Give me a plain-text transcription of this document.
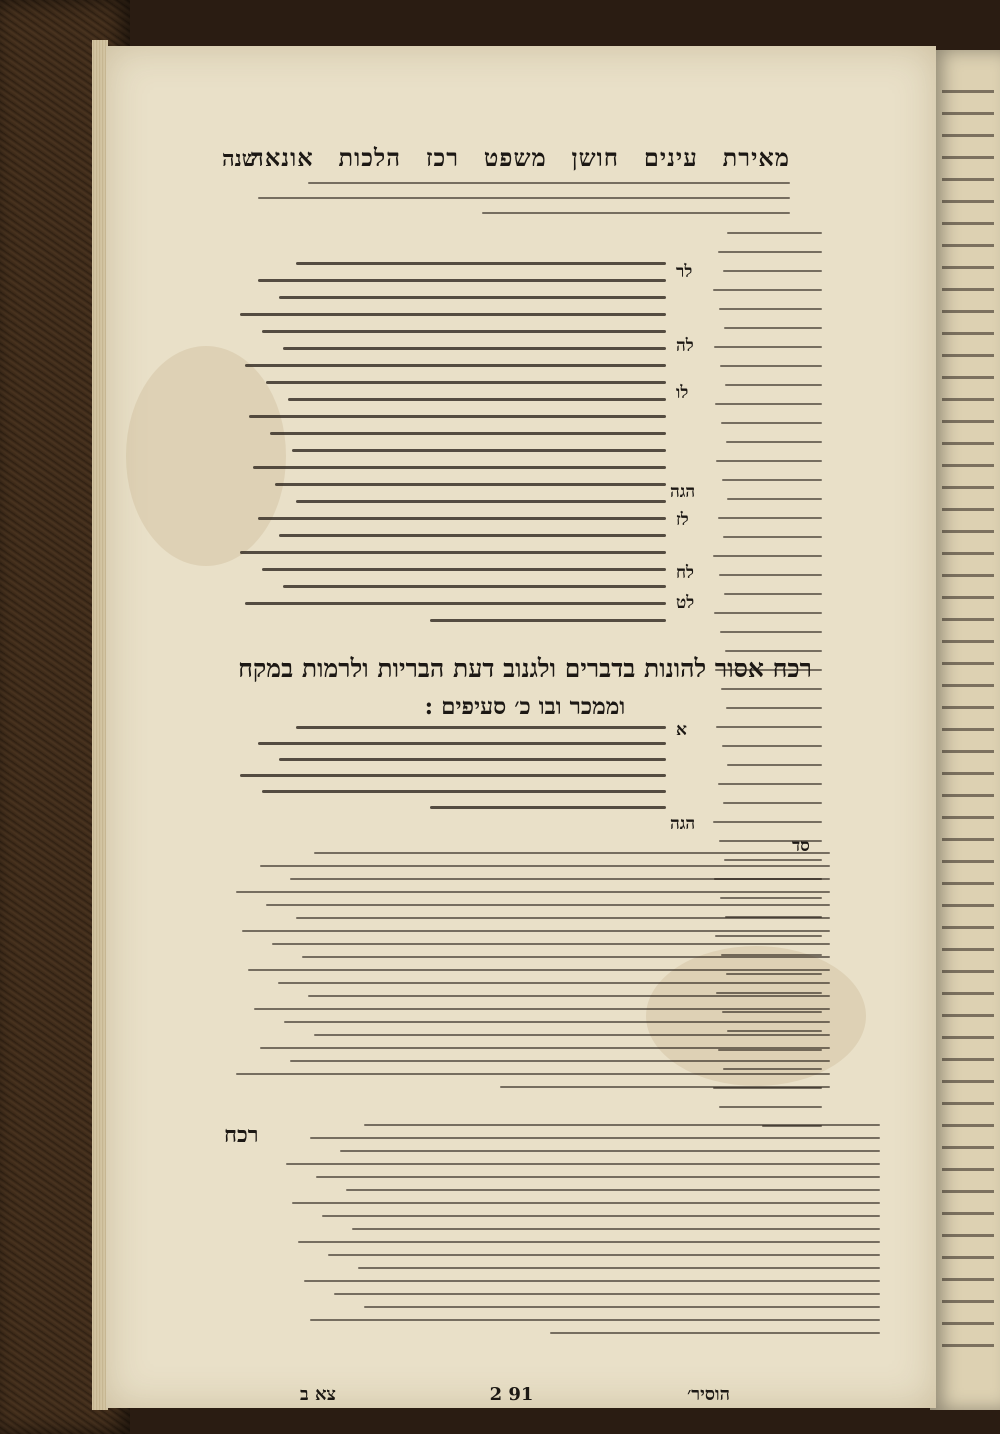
שנה	מאירת
עינים
חושן
משפט
רכז
הלכות
אונאה
לר
לה
לו
הגה
לז
לח
לט
רכח אסור להונות בדברים ולגנוב דעת הבריות ולרמות במקח
וממכר ובו כ׳ סעיפים :
א
הגה
סד
רכח
הוסיר׳
91 2
צא ב
